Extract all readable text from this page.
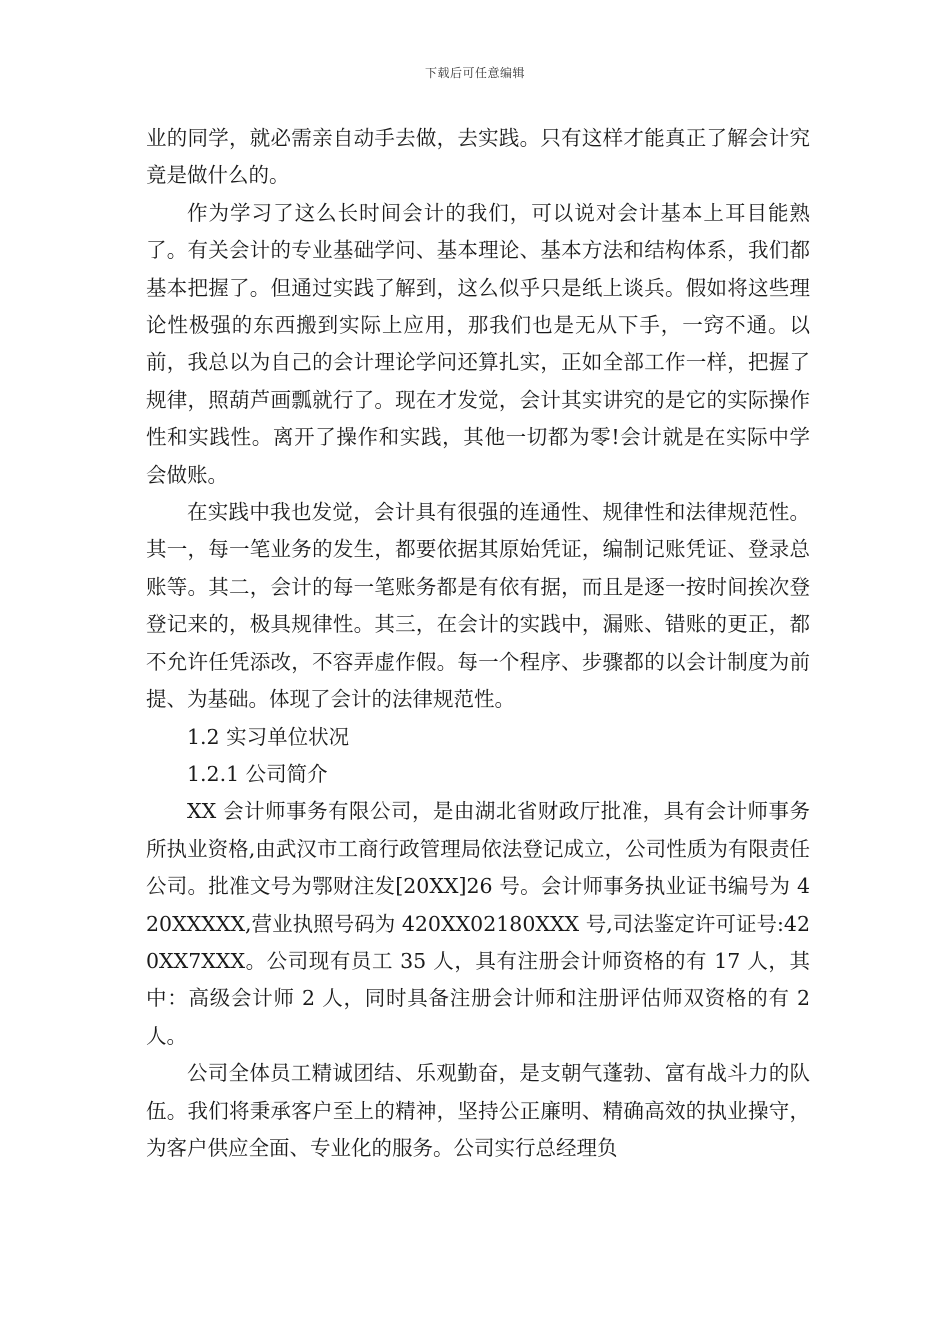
下载后可任意编辑

业的同学，就必需亲自动手去做，去实践。只有这样才能真正了解会计究竟是做什么的。

作为学习了这么长时间会计的我们，可以说对会计基本上耳目能熟了。有关会计的专业基础学问、基本理论、基本方法和结构体系，我们都基本把握了。但通过实践了解到，这么似乎只是纸上谈兵。假如将这些理论性极强的东西搬到实际上应用，那我们也是无从下手，一窍不通。以前，我总以为自己的会计理论学问还算扎实，正如全部工作一样，把握了规律，照葫芦画瓢就行了。现在才发觉，会计其实讲究的是它的实际操作性和实践性。离开了操作和实践，其他一切都为零!会计就是在实际中学会做账。

在实践中我也发觉，会计具有很强的连通性、规律性和法律规范性。其一，每一笔业务的发生，都要依据其原始凭证，编制记账凭证、登录总账等。其二，会计的每一笔账务都是有依有据，而且是逐一按时间挨次登登记来的，极具规律性。其三，在会计的实践中，漏账、错账的更正，都不允许任凭添改，不容弄虚作假。每一个程序、步骤都的以会计制度为前提、为基础。体现了会计的法律规范性。

1.2 实习单位状况

1.2.1 公司简介

XX 会计师事务有限公司，是由湖北省财政厅批准，具有会计师事务所执业资格,由武汉市工商行政管理局依法登记成立，公司性质为有限责任公司。批准文号为鄂财注发[20XX]26 号。会计师事务执业证书编号为 420XXXXX,营业执照号码为 420XX02180XXX 号,司法鉴定许可证号:420XX7XXX。公司现有员工 35 人，具有注册会计师资格的有 17 人，其中：高级会计师 2 人，同时具备注册会计师和注册评估师双资格的有 2 人。

公司全体员工精诚团结、乐观勤奋，是支朝气蓬勃、富有战斗力的队伍。我们将秉承客户至上的精神，坚持公正廉明、精确高效的执业操守，为客户供应全面、专业化的服务。公司实行总经理负
